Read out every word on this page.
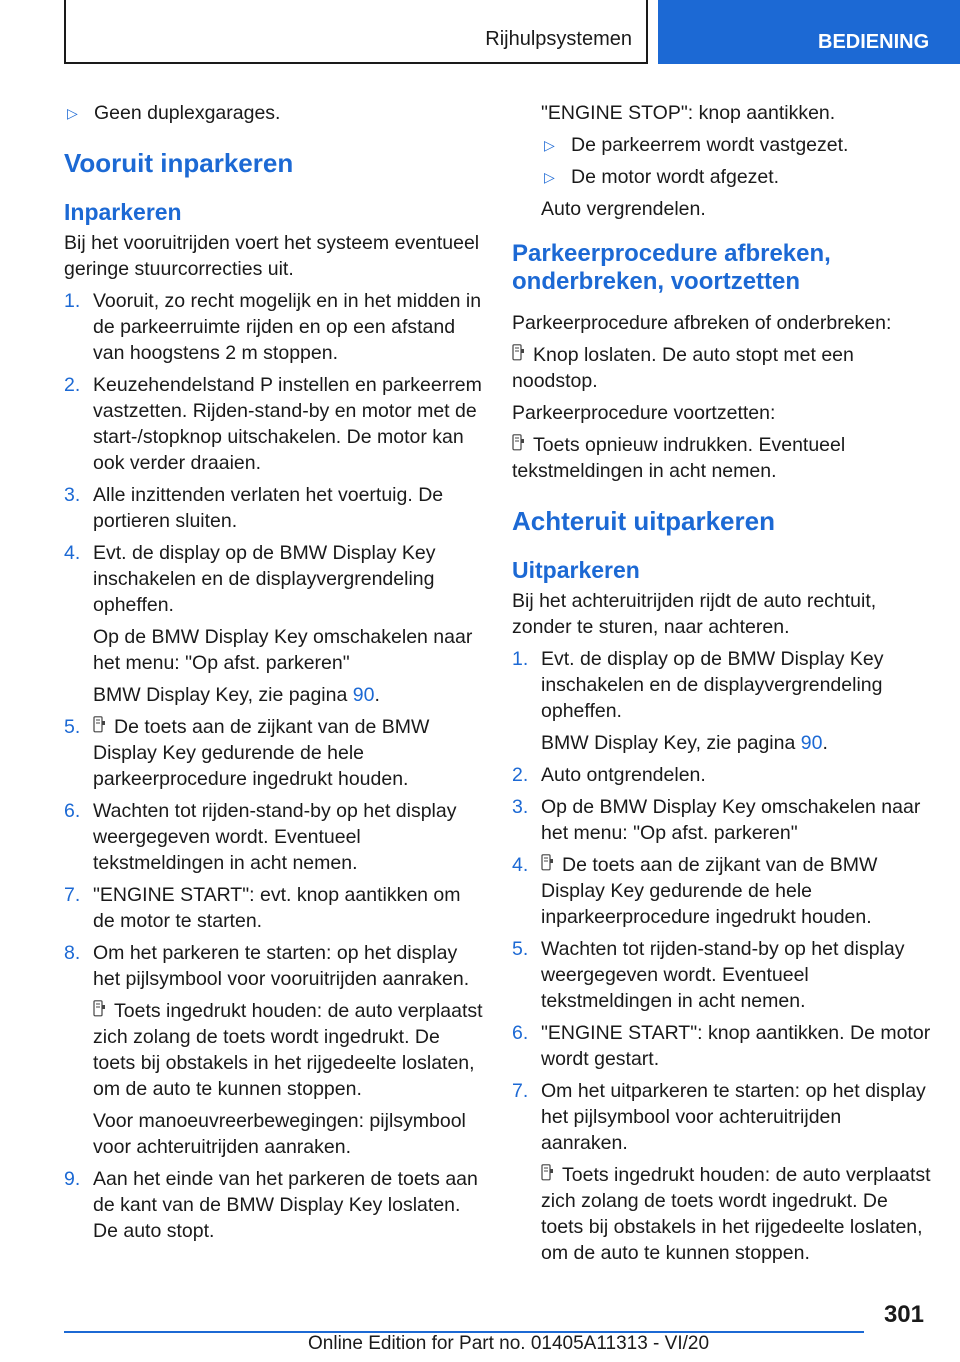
Rijhulpsystemen	BEDIENING
▷ Geen duplexgarages.
Vooruit inparkeren
Inparkeren

Bij het vooruitrijden voert het systeem eventueel geringe stuurcorrecties uit.

1. Vooruit, zo recht mogelijk en in het midden in de parkeerruimte rijden en op een afstand van hoogstens 2 m stoppen.
2. Keuzehendelstand P instellen en parkeerrem vastzetten. Rijden-stand-by en motor met de start-/stopknop uitschakelen. De motor kan ook verder draaien.
3. Alle inzittenden verlaten het voertuig. De portieren sluiten.
4. Evt. de display op de BMW Display Key inschakelen en de displayvergrendeling opheffen.
Op de BMW Display Key omschakelen naar het menu: "Op afst. parkeren"
BMW Display Key, zie pagina 90.
5. De toets aan de zijkant van de BMW Display Key gedurende de hele parkeerprocedure ingedrukt houden.
6. Wachten tot rijden-stand-by op het display weergegeven wordt. Eventueel tekstmeldingen in acht nemen.
7. "ENGINE START": evt. knop aantikken om de motor te starten.
8. Om het parkeren te starten: op het display het pijlsymbool voor vooruitrijden aanraken.
Toets ingedrukt houden: de auto verplaatst zich zolang de toets wordt ingedrukt. De toets bij obstakels in het rijgedeelte loslaten, om de auto te kunnen stoppen.
Voor manoeuvreerbewegingen: pijlsymbool voor achteruitrijden aanraken.
9. Aan het einde van het parkeren de toets aan de kant van de BMW Display Key loslaten. De auto stopt.

"ENGINE STOP": knop aantikken.

▷ De parkeerrem wordt vastgezet.
▷ De motor wordt afgezet.

Auto vergrendelen.

Parkeerprocedure afbreken, onderbreken, voortzetten

Parkeerprocedure afbreken of onderbreken:

Knop loslaten. De auto stopt met een noodstop.

Parkeerprocedure voortzetten:

Toets opnieuw indrukken. Eventueel tekstmeldingen in acht nemen.

Achteruit uitparkeren
Uitparkeren

Bij het achteruitrijden rijdt de auto rechtuit, zonder te sturen, naar achteren.

1. Evt. de display op de BMW Display Key inschakelen en de displayvergrendeling opheffen.
BMW Display Key, zie pagina 90.
2. Auto ontgrendelen.
3. Op de BMW Display Key omschakelen naar het menu: "Op afst. parkeren"
4. De toets aan de zijkant van de BMW Display Key gedurende de hele inparkeerprocedure ingedrukt houden.
5. Wachten tot rijden-stand-by op het display weergegeven wordt. Eventueel tekstmeldingen in acht nemen.
6. "ENGINE START": knop aantikken. De motor wordt gestart.
7. Om het uitparkeren te starten: op het display het pijlsymbool voor achteruitrijden aanraken.
Toets ingedrukt houden: de auto verplaatst zich zolang de toets wordt ingedrukt. De toets bij obstakels in het rijgedeelte loslaten, om de auto te kunnen stoppen.
301
Online Edition for Part no. 01405A11313 - VI/20
